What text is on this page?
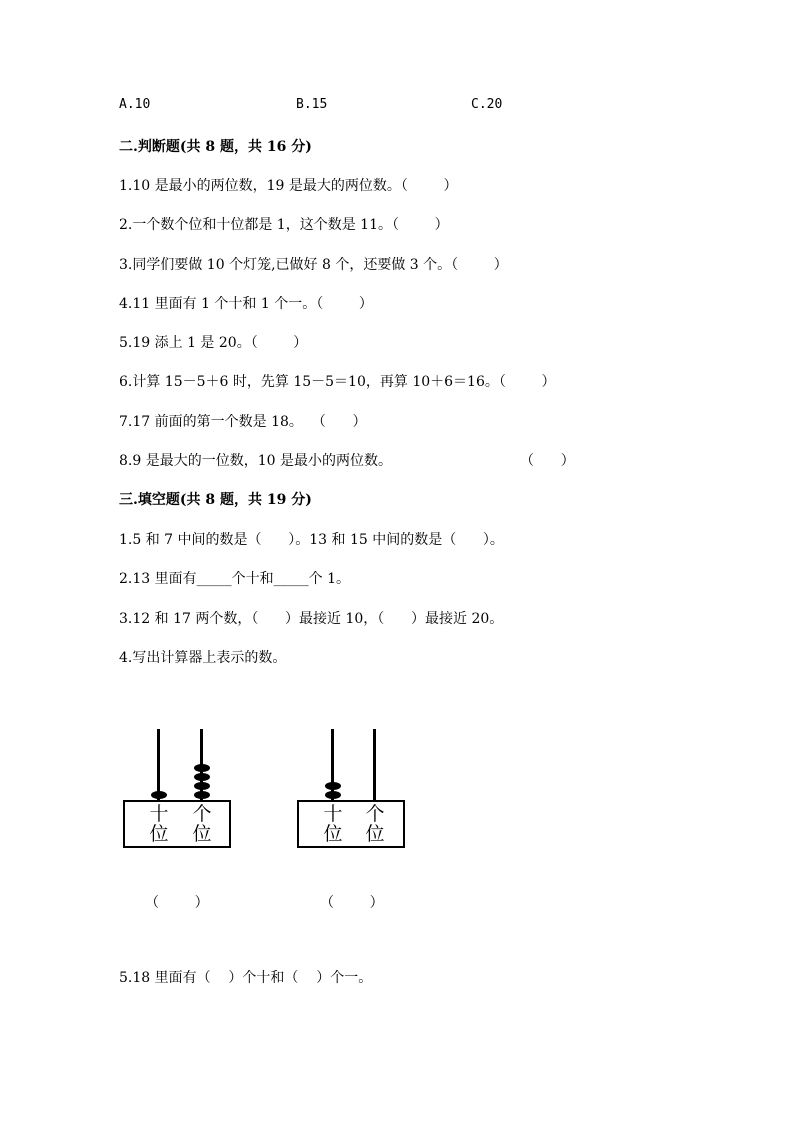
A.10	B.15	C.20
二.判断题(共 8 题，共 16 分)
1.10 是最小的两位数，19 是最大的两位数。（        ）
2.一个数个位和十位都是 1，这个数是 11。（        ）
3.同学们要做 10 个灯笼,已做好 8 个，还要做 3 个。（        ）
4.11 里面有 1 个十和 1 个一。（        ）
5.19 添上 1 是 20。（        ）
6.计算 15－5＋6 时，先算 15－5＝10，再算 10＋6＝16。（        ）
7.17 前面的第一个数是 18。  （      ）
8.9 是最大的一位数，10 是最小的两位数。	（      ）
三.填空题(共 8 题，共 19 分)
1.5 和 7 中间的数是（      ）。13 和 15 中间的数是（      ）。
2.13 里面有_____个十和_____个 1。
3.12 和 17 两个数，（      ）最接近 10，（      ）最接近 20。
4.写出计算器上表示的数。
十
位
个
位
十
位
个
位
（        ）	（        ）
5.18 里面有（    ）个十和（    ）个一。
